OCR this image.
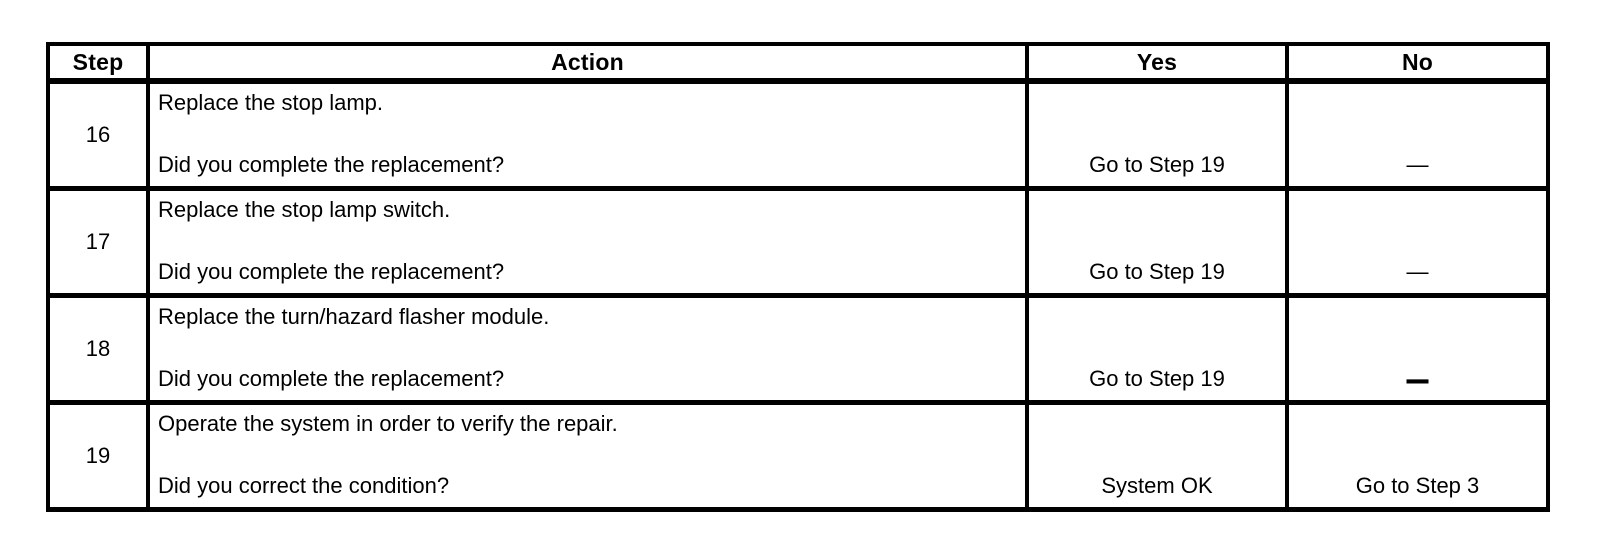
Step	Action	Yes	No
16	Replace the stop lamp.
Did you complete the replacement?	Go to Step 19	—
17	Replace the stop lamp switch.
Did you complete the replacement?	Go to Step 19	—
18	Replace the turn/hazard flasher module.
Did you complete the replacement?	Go to Step 19	—
19	Operate the system in order to verify the repair.
Did you correct the condition?	System OK	Go to Step 3
